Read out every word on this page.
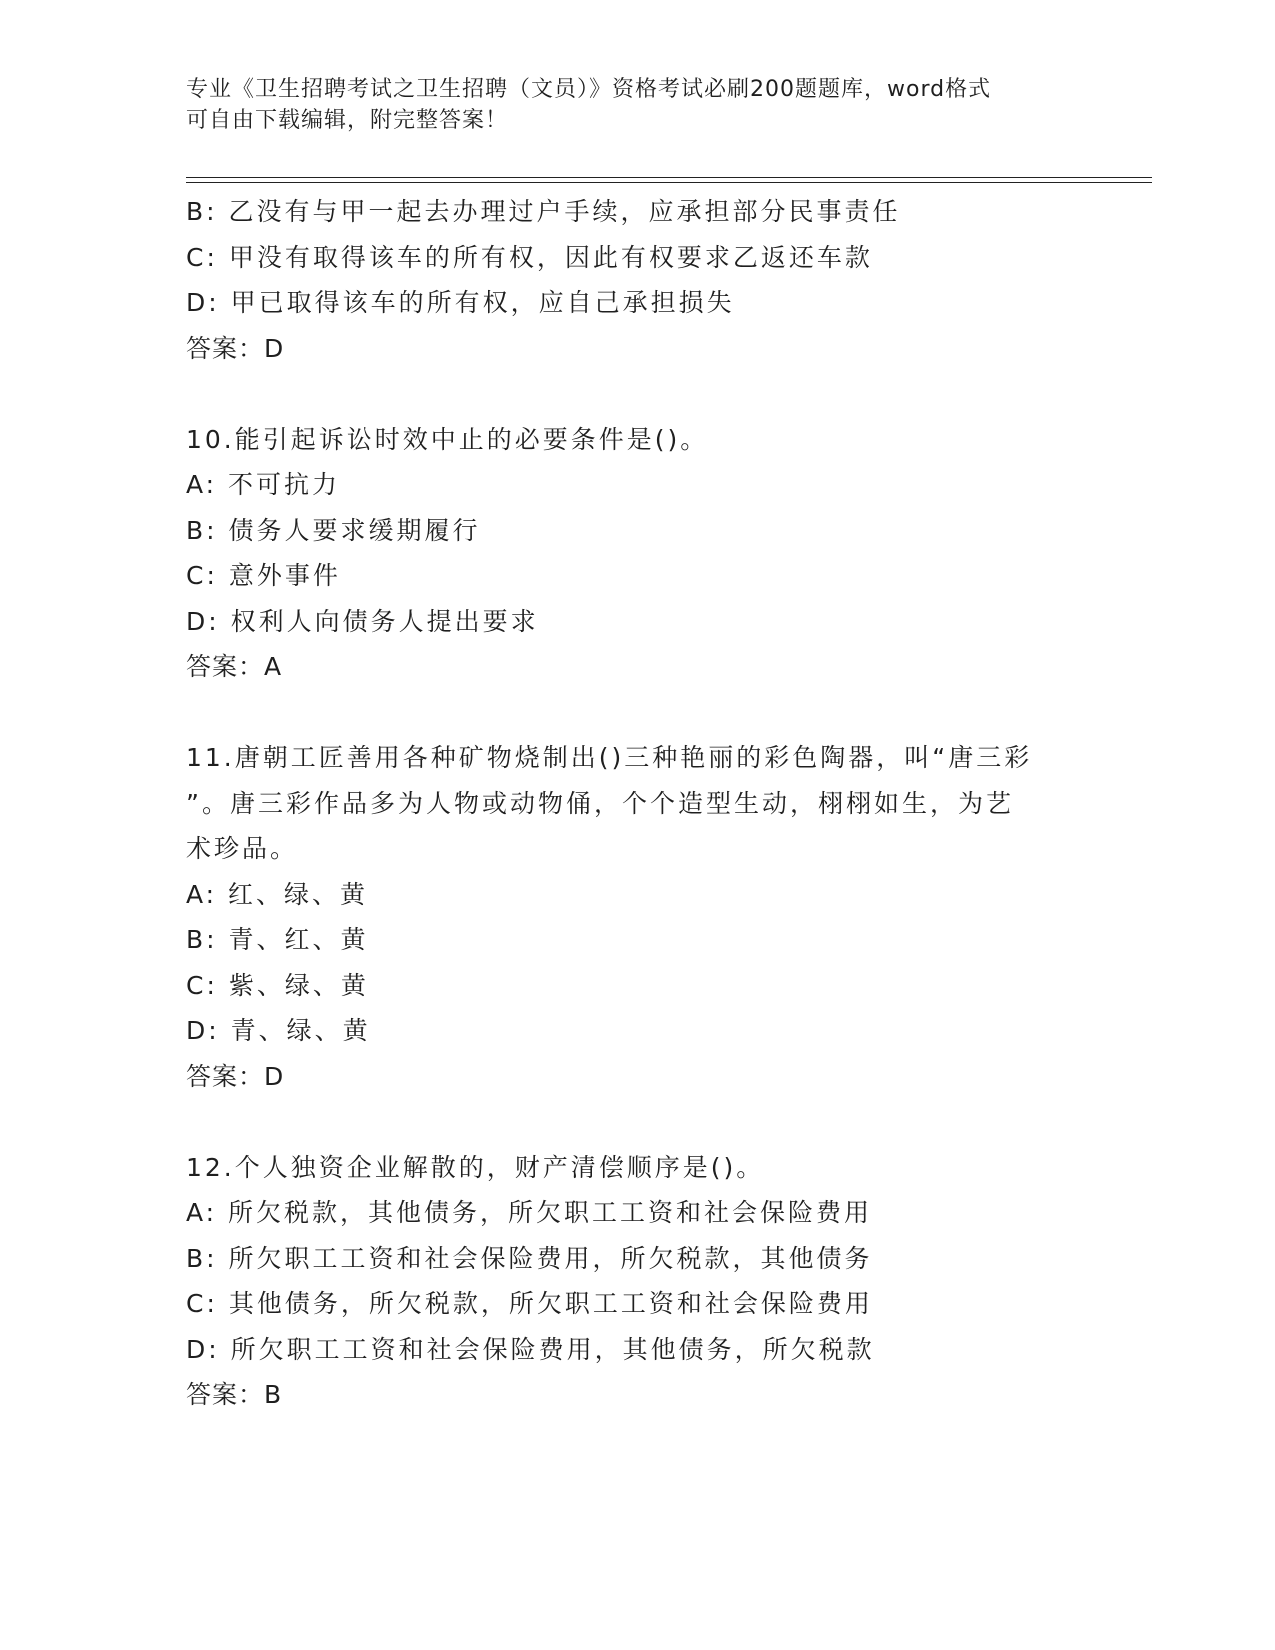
专业《卫生招聘考试之卫生招聘（文员）》资格考试必刷200题题库，word格式
可自由下载编辑，附完整答案！
B: 乙没有与甲一起去办理过户手续，应承担部分民事责任
C: 甲没有取得该车的所有权，因此有权要求乙返还车款
D: 甲已取得该车的所有权，应自己承担损失
答案：D
10.能引起诉讼时效中止的必要条件是()。
A: 不可抗力
B: 债务人要求缓期履行
C: 意外事件
D: 权利人向债务人提出要求
答案：A
11.唐朝工匠善用各种矿物烧制出()三种艳丽的彩色陶器，叫“唐三彩
”。唐三彩作品多为人物或动物俑，个个造型生动，栩栩如生，为艺
术珍品。
A: 红、绿、黄
B: 青、红、黄
C: 紫、绿、黄
D: 青、绿、黄
答案：D
12.个人独资企业解散的，财产清偿顺序是()。
A: 所欠税款，其他债务，所欠职工工资和社会保险费用
B: 所欠职工工资和社会保险费用，所欠税款，其他债务
C: 其他债务，所欠税款，所欠职工工资和社会保险费用
D: 所欠职工工资和社会保险费用，其他债务，所欠税款
答案：B
